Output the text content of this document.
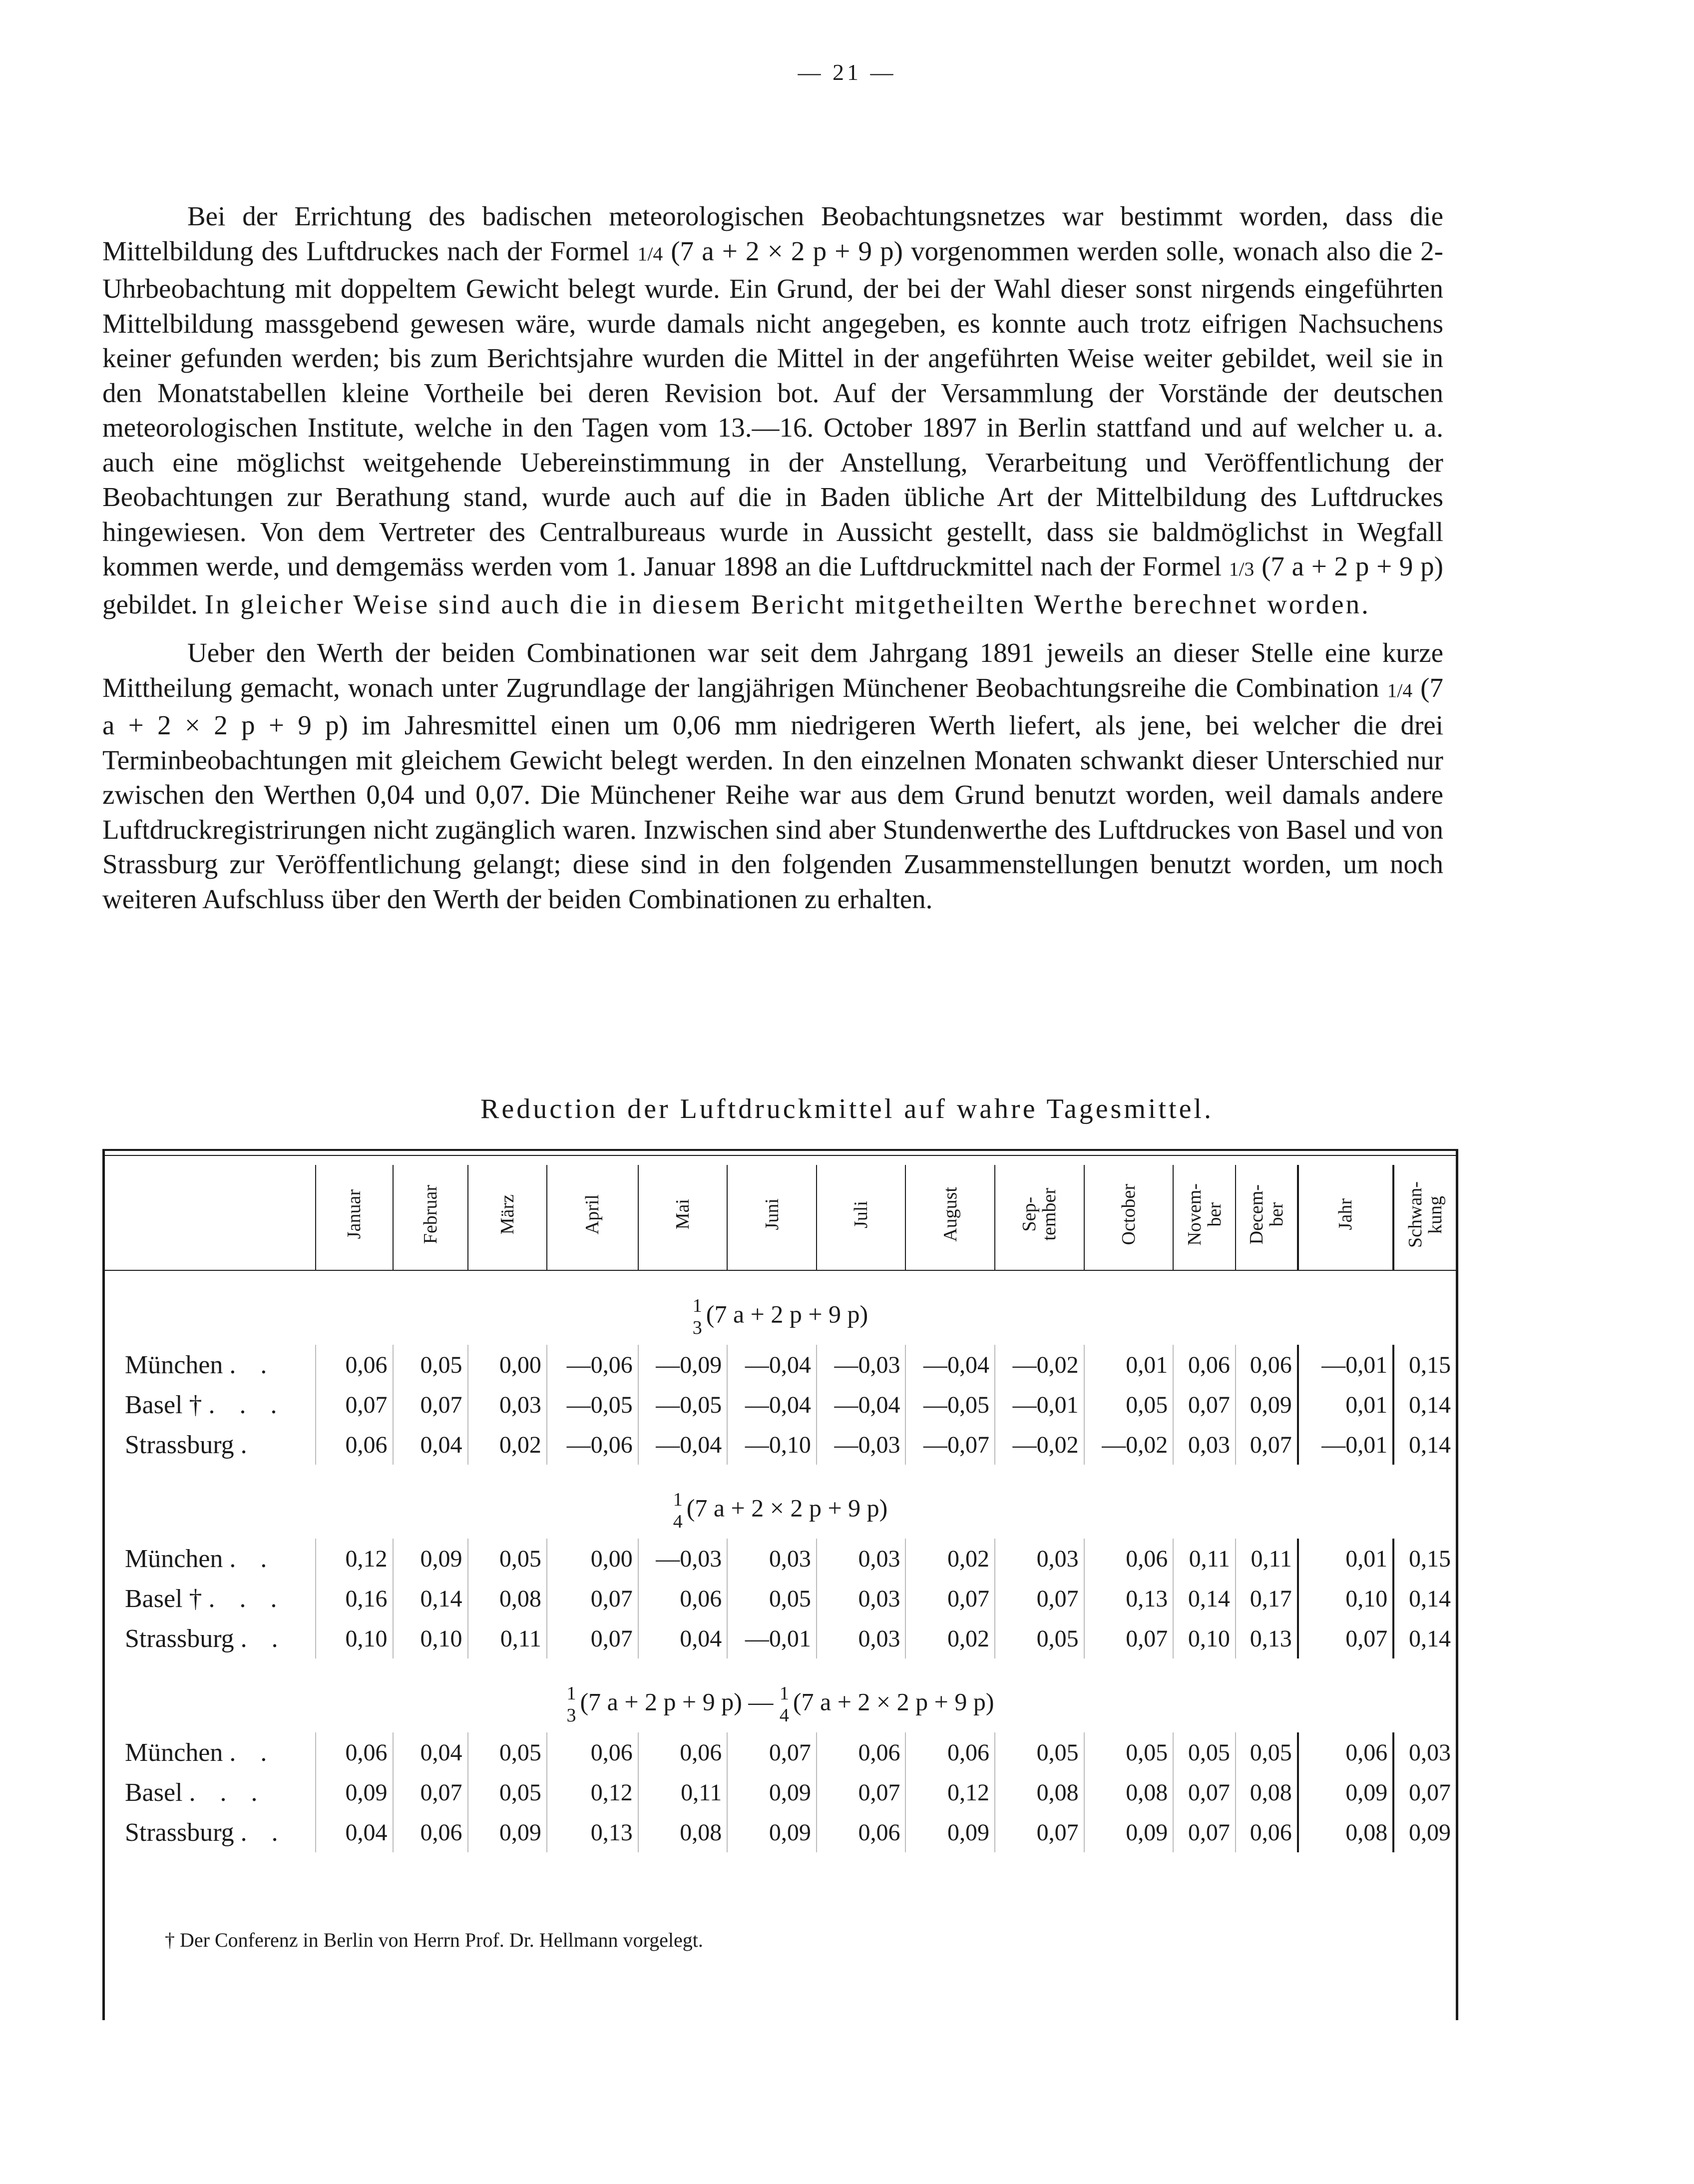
— 21 —

Bei der Errichtung des badischen meteorologischen Beobachtungsnetzes war bestimmt worden, dass die Mittelbildung des Luftdruckes nach der Formel 1/4 (7 a + 2 × 2 p + 9 p) vorgenommen werden solle, wonach also die 2-Uhrbeobachtung mit doppeltem Gewicht belegt wurde. Ein Grund, der bei der Wahl dieser sonst nirgends eingeführten Mittelbildung massgebend gewesen wäre, wurde damals nicht angegeben, es konnte auch trotz eifrigen Nachsuchens keiner gefunden werden; bis zum Berichtsjahre wurden die Mittel in der angeführten Weise weiter gebildet, weil sie in den Monatstabellen kleine Vortheile bei deren Revision bot. Auf der Versammlung der Vorstände der deutschen meteorologischen Institute, welche in den Tagen vom 13.—16. October 1897 in Berlin stattfand und auf welcher u. a. auch eine möglichst weitgehende Uebereinstimmung in der Anstellung, Verarbeitung und Veröffentlichung der Beobachtungen zur Berathung stand, wurde auch auf die in Baden übliche Art der Mittelbildung des Luftdruckes hingewiesen. Von dem Vertreter des Centralbureaus wurde in Aussicht gestellt, dass sie baldmöglichst in Wegfall kommen werde, und demgemäss werden vom 1. Januar 1898 an die Luftdruckmittel nach der Formel 1/3 (7 a + 2 p + 9 p) gebildet. In gleicher Weise sind auch die in diesem Bericht mitgetheilten Werthe berechnet worden.

Ueber den Werth der beiden Combinationen war seit dem Jahrgang 1891 jeweils an dieser Stelle eine kurze Mittheilung gemacht, wonach unter Zugrundlage der langjährigen Münchener Beobachtungsreihe die Combination 1/4 (7 a + 2 × 2 p + 9 p) im Jahresmittel einen um 0,06 mm niedrigeren Werth liefert, als jene, bei welcher die drei Terminbeobachtungen mit gleichem Gewicht belegt werden. In den einzelnen Monaten schwankt dieser Unterschied nur zwischen den Werthen 0,04 und 0,07. Die Münchener Reihe war aus dem Grund benutzt worden, weil damals andere Luftdruckregistrirungen nicht zugänglich waren. Inzwischen sind aber Stundenwerthe des Luftdruckes von Basel und von Strassburg zur Veröffentlichung gelangt; diese sind in den folgenden Zusammenstellungen benutzt worden, um noch weiteren Aufschluss über den Werth der beiden Combinationen zu erhalten.

Reduction der Luftdruckmittel auf wahre Tagesmittel.
	Januar	Februar	März	April	Mai	Juni	Juli	August	Sep-
tember	October	Novem-
ber	Decem-
ber	Jahr	Schwan-
kung
1
3 (7 a + 2 p + 9 p)														
München . .	0,06	0,05	0,00	—0,06	—0,09	—0,04	—0,03	—0,04	—0,02	0,01	0,06	0,06	—0,01	0,15
Basel † . . .	0,07	0,07	0,03	—0,05	—0,05	—0,04	—0,04	—0,05	—0,01	0,05	0,07	0,09	0,01	0,14
Strassburg .	0,06	0,04	0,02	—0,06	—0,04	—0,10	—0,03	—0,07	—0,02	—0,02	0,03	0,07	—0,01	0,14
1
4 (7 a + 2 × 2 p + 9 p)														
München . .	0,12	0,09	0,05	0,00	—0,03	0,03	0,03	0,02	0,03	0,06	0,11	0,11	0,01	0,15
Basel † . . .	0,16	0,14	0,08	0,07	0,06	0,05	0,03	0,07	0,07	0,13	0,14	0,17	0,10	0,14
Strassburg . .	0,10	0,10	0,11	0,07	0,04	—0,01	0,03	0,02	0,05	0,07	0,10	0,13	0,07	0,14
1
3 (7 a + 2 p + 9 p) — 1
4 (7 a + 2 × 2 p + 9 p)														
München . .	0,06	0,04	0,05	0,06	0,06	0,07	0,06	0,06	0,05	0,05	0,05	0,05	0,06	0,03
Basel . . .	0,09	0,07	0,05	0,12	0,11	0,09	0,07	0,12	0,08	0,08	0,07	0,08	0,09	0,07
Strassburg . .	0,04	0,06	0,09	0,13	0,08	0,09	0,06	0,09	0,07	0,09	0,07	0,06	0,08	0,09
† Der Conferenz in Berlin von Herrn Prof. Dr. Hellmann vorgelegt.
